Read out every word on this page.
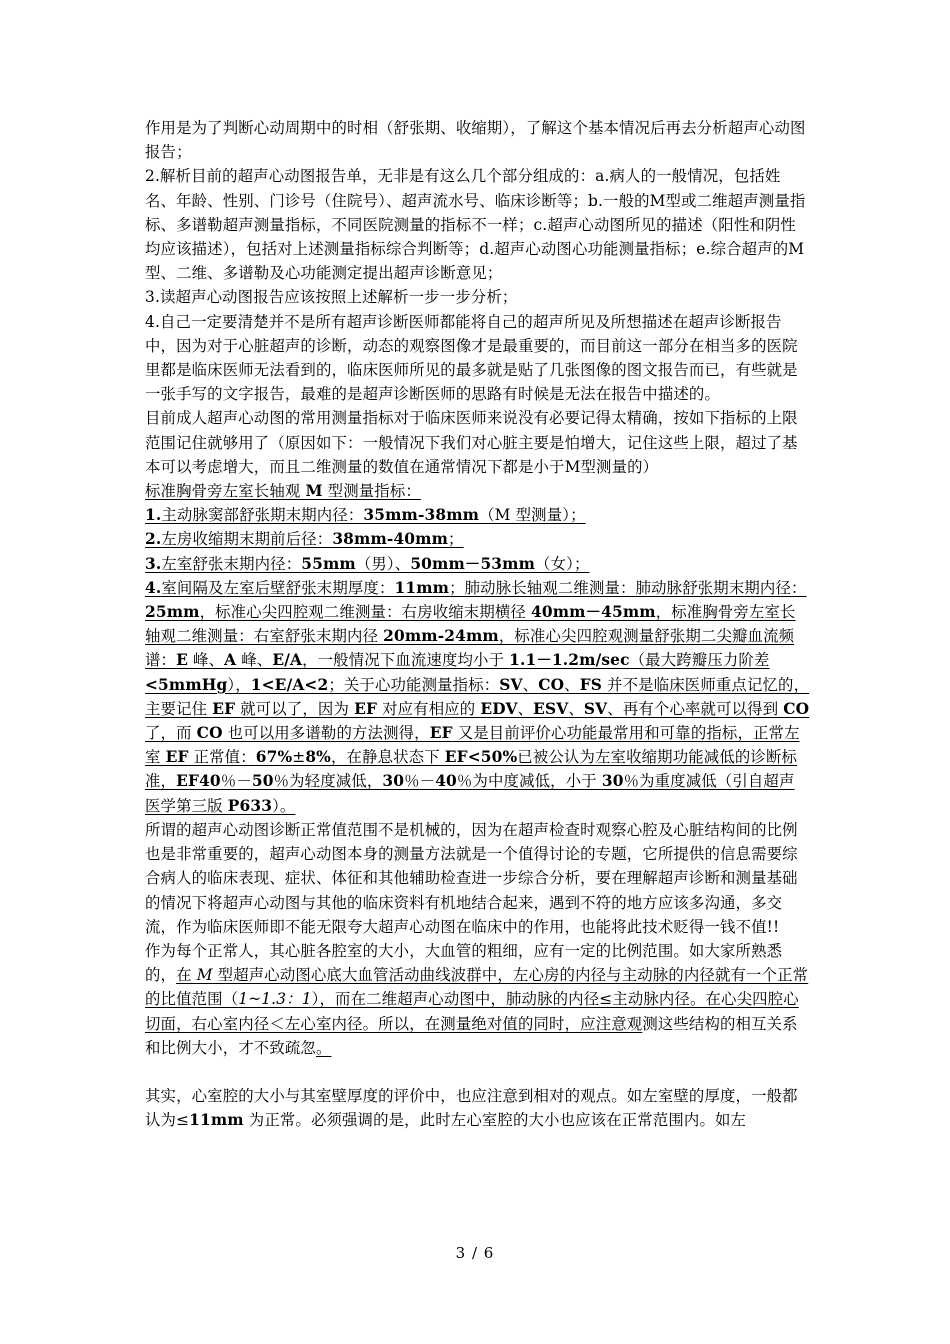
作用是为了判断心动周期中的时相（舒张期、收缩期），了解这个基本情况后再去分析超声心动图报告；

2.解析目前的超声心动图报告单，无非是有这么几个部分组成的：a.病人的一般情况，包括姓名、年龄、性别、门诊号（住院号）、超声流水号、临床诊断等；b.一般的M型或二维超声测量指标、多谱勒超声测量指标，不同医院测量的指标不一样；c.超声心动图所见的描述（阳性和阴性均应该描述），包括对上述测量指标综合判断等；d.超声心动图心功能测量指标；e.综合超声的M型、二维、多谱勒及心功能测定提出超声诊断意见；

3.读超声心动图报告应该按照上述解析一步一步分析；

4.自己一定要清楚并不是所有超声诊断医师都能将自己的超声所见及所想描述在超声诊断报告中，因为对于心脏超声的诊断，动态的观察图像才是最重要的，而目前这一部分在相当多的医院里都是临床医师无法看到的，临床医师所见的最多就是贴了几张图像的图文报告而已，有些就是一张手写的文字报告，最难的是超声诊断医师的思路有时候是无法在报告中描述的。

目前成人超声心动图的常用测量指标对于临床医师来说没有必要记得太精确，按如下指标的上限范围记住就够用了（原因如下：一般情况下我们对心脏主要是怕增大，记住这些上限，超过了基本可以考虑增大，而且二维测量的数值在通常情况下都是小于M型测量的）

标准胸骨旁左室长轴观 M 型测量指标：

1.主动脉窦部舒张期末期内径：35mm-38mm（M 型测量）；

2.左房收缩期末期前后径：38mm-40mm；

3.左室舒张末期内径：55mm（男）、50mm－53mm（女）；

4.室间隔及左室后壁舒张末期厚度：11mm；肺动脉长轴观二维测量：肺动脉舒张期末期内径：25mm，标准心尖四腔观二维测量：右房收缩末期横径 40mm－45mm，标准胸骨旁左室长轴观二维测量：右室舒张末期内径 20mm-24mm，标准心尖四腔观测量舒张期二尖瓣血流频谱：E 峰、A 峰、E/A，一般情况下血流速度均小于 1.1－1.2m/sec（最大跨瓣压力阶差 <5mmHg），1<E/A<2；关于心功能测量指标：SV、CO、FS 并不是临床医师重点记忆的，主要记住 EF 就可以了，因为 EF 对应有相应的 EDV、ESV、SV、再有个心率就可以得到 CO 了，而 CO 也可以用多谱勒的方法测得，EF 又是目前评价心功能最常用和可靠的指标，正常左室 EF 正常值：67%±8%，在静息状态下 EF<50%已被公认为左室收缩期功能减低的诊断标准，EF40％－50％为轻度减低，30％－40％为中度减低，小于 30％为重度减低（引自超声医学第三版 P633）。

所谓的超声心动图诊断正常值范围不是机械的，因为在超声检查时观察心腔及心脏结构间的比例也是非常重要的，超声心动图本身的测量方法就是一个值得讨论的专题，它所提供的信息需要综合病人的临床表现、症状、体征和其他辅助检查进一步综合分析，要在理解超声诊断和测量基础的情况下将超声心动图与其他的临床资料有机地结合起来，遇到不符的地方应该多沟通，多交流，作为临床医师即不能无限夸大超声心动图在临床中的作用，也能将此技术贬得一钱不值!!

作为每个正常人，其心脏各腔室的大小，大血管的粗细，应有一定的比例范围。如大家所熟悉的，在 M 型超声心动图心底大血管活动曲线波群中，左心房的内径与主动脉的内径就有一个正常的比值范围（1~1.3：1），而在二维超声心动图中，肺动脉的内径≤主动脉内径。在心尖四腔心切面，右心室内径＜左心室内径。所以，在测量绝对值的同时，应注意观测这些结构的相互关系和比例大小，才不致疏忽。

其实，心室腔的大小与其室壁厚度的评价中，也应注意到相对的观点。如左室壁的厚度，一般都认为≤11mm 为正常。必须强调的是，此时左心室腔的大小也应该在正常范围内。如左

3 / 6
